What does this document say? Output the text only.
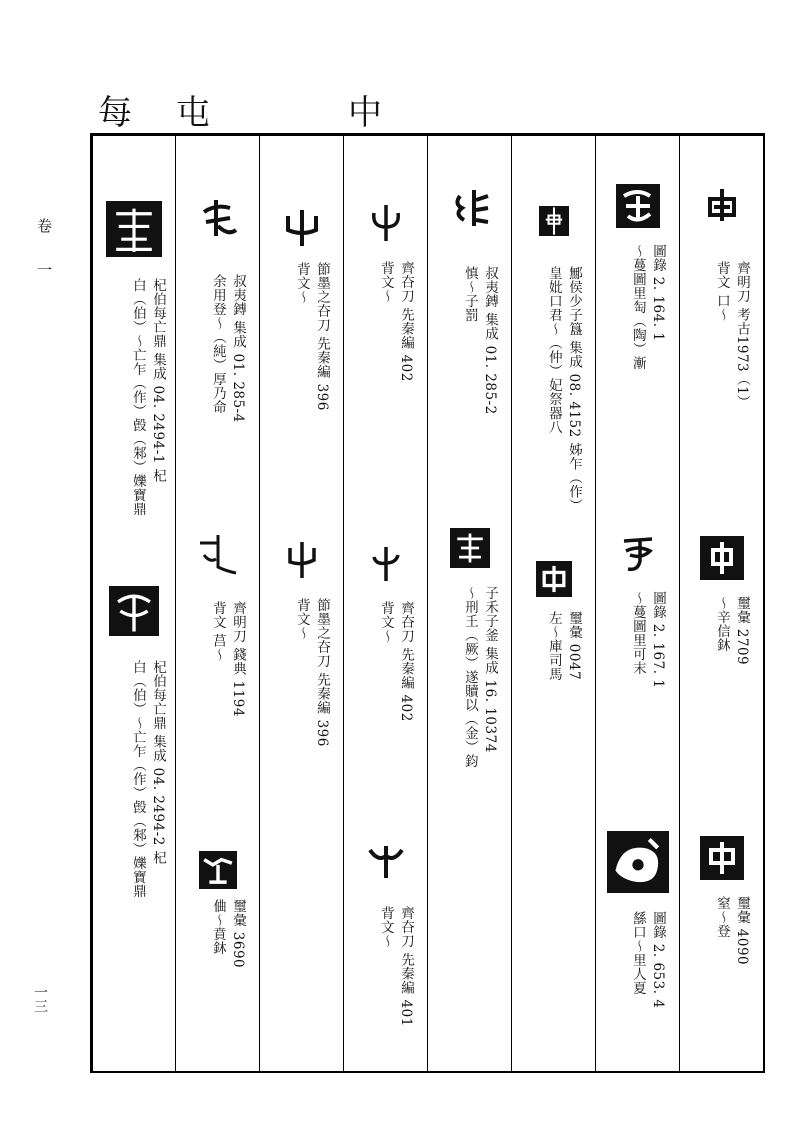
每 屯	中
卷
一
一三
齊明刀 考古1973（1）
背文 口～
璽彙 2709
～辛信鈢
璽彙 4090
窒～登
圖錄 2. 164. 1
～蔓圖里匋（陶）漸
圖錄 2. 167. 1
～蔓圖里可末
圖錄 2. 653. 4
䌛口～里人夏
鄦侯少子簋 集成 08. 4152 姊乍（作）
皇妣口君～（仲）妃祭器八
璽彙 0047
左～庫司馬
叔夷鎛 集成 01. 285-2
慎～子罰
子禾子釜 集成 16. 10374
～刑𡈼（厥）遂贖以（金）鈞
齊夻刀 先秦編 402
背文～
齊夻刀 先秦編 402
背文～
齊夻刀 先秦編 401
背文～
節墨之夻刀 先秦編 396
背文～
節墨之夻刀 先秦編 396
背文～
叔夷鎛 集成 01. 285-4
余用登～（純）厚乃命
齊明刀 錢典 1194
背文 莒～
璽彙 3690
㑋～賁鈢
杞伯每亡鼎 集成 04. 2494-1 杞
白（伯）～亡乍（作）㲃（邾）㜰寶鼎
杞伯每亡鼎 集成 04. 2494-2 杞
白（伯）～亡乍（作）㲃（邾）㜰寶鼎
